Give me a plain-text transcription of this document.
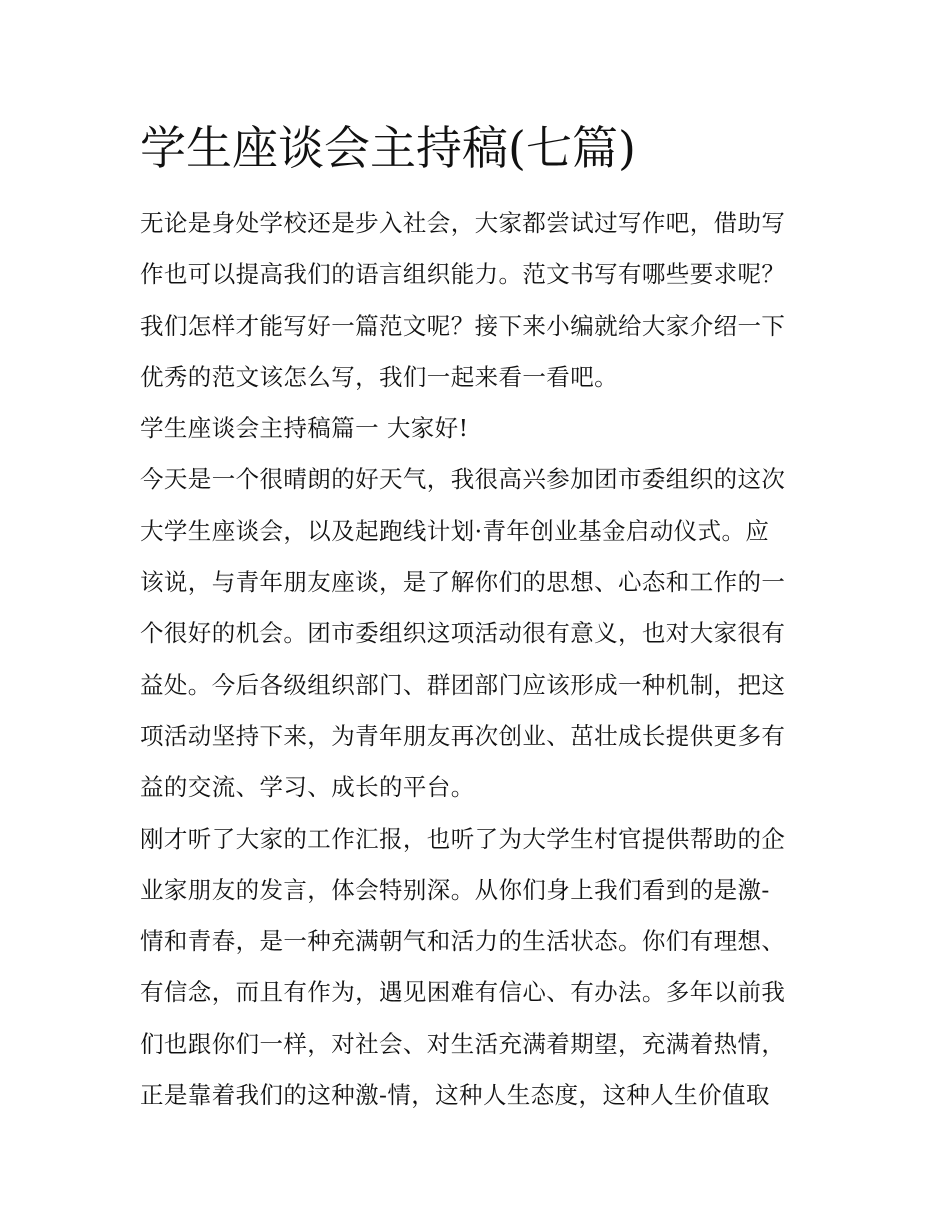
学生座谈会主持稿(七篇)
无论是身处学校还是步入社会，大家都尝试过写作吧，借助写
作也可以提高我们的语言组织能力。范文书写有哪些要求呢？
我们怎样才能写好一篇范文呢？接下来小编就给大家介绍一下
优秀的范文该怎么写，我们一起来看一看吧。
学生座谈会主持稿篇一 大家好!
今天是一个很晴朗的好天气，我很高兴参加团市委组织的这次
大学生座谈会，以及起跑线计划·青年创业基金启动仪式。应
该说，与青年朋友座谈，是了解你们的思想、心态和工作的一
个很好的机会。团市委组织这项活动很有意义，也对大家很有
益处。今后各级组织部门、群团部门应该形成一种机制，把这
项活动坚持下来，为青年朋友再次创业、茁壮成长提供更多有
益的交流、学习、成长的平台。
刚才听了大家的工作汇报，也听了为大学生村官提供帮助的企
业家朋友的发言，体会特别深。从你们身上我们看到的是激-
情和青春，是一种充满朝气和活力的生活状态。你们有理想、
有信念，而且有作为，遇见困难有信心、有办法。多年以前我
们也跟你们一样，对社会、对生活充满着期望，充满着热情，
正是靠着我们的这种激-情，这种人生态度，这种人生价值取
